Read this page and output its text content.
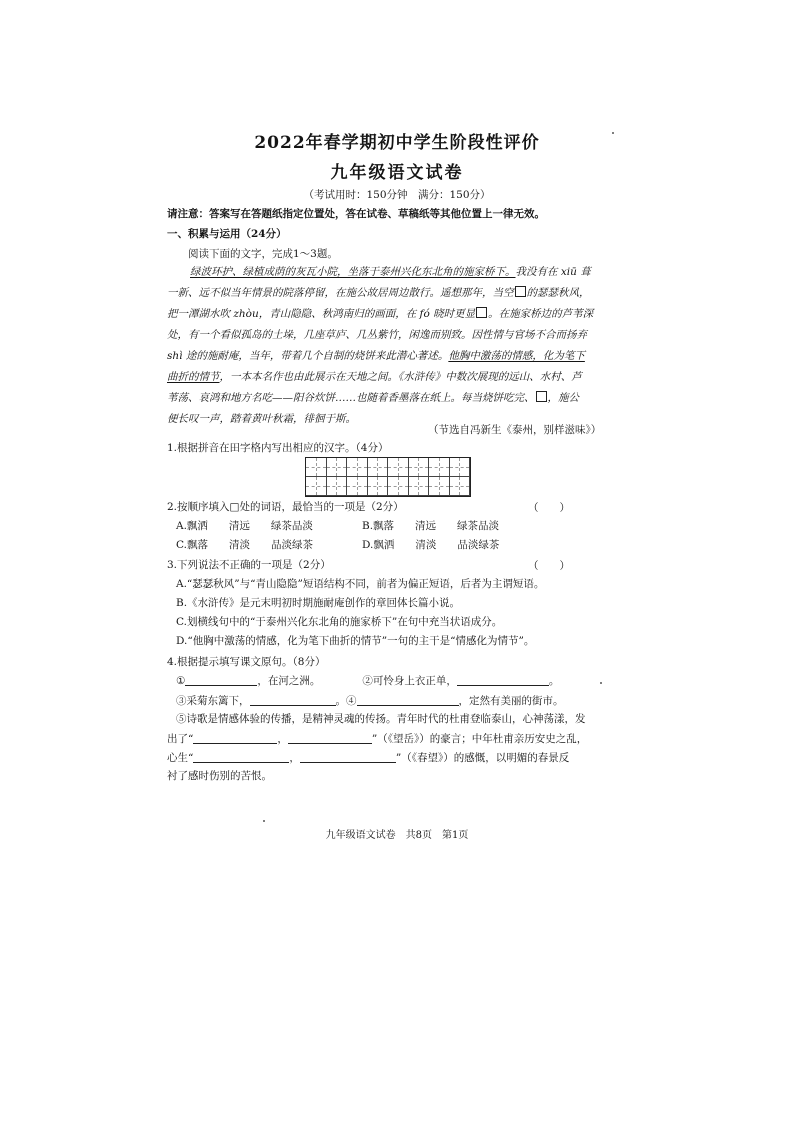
2022年春学期初中学生阶段性评价
九年级语文试卷
（考试用时：150分钟　满分：150分）
请注意：答案写在答题纸指定位置处，答在试卷、草稿纸等其他位置上一律无效。
一、积累与运用（24分）
阅读下面的文字，完成1～3题。
绿波环护、绿植成荫的灰瓦小院，坐落于泰州兴化东北角的施家桥下。我没有在 xiū 葺
一新、远不似当年情景的院落停留，在施公故居周边散行。遥想那年，当空 的瑟瑟秋风，
把一潭湖水吹 zhòu，青山隐隐、秋鸿南归的画面，在 fó 晓时更显 。在施家桥边的芦苇深
处，有一个看似孤岛的土垛，几座草庐、几丛紫竹，闲逸而别致。因性情与官场不合而扬弃
shì 途的施耐庵，当年，带着几个自制的烧饼来此潜心著述。他胸中激荡的情感，化为笔下
曲折的情节，一本本名作也由此展示在天地之间。《水浒传》中数次展现的远山、水村、芦
苇荡、哀鸿和地方名吃——阳谷炊饼……也随着香墨落在纸上。每当烧饼吃完、 ，施公
便长叹一声，踏着黄叶秋霜，徘徊于斯。
（节选自冯新生《泰州，别样滋味》）
1.根据拼音在田字格内写出相应的汉字。（4分）
2.按顺序填入□处的词语，最恰当的一项是（2分）	（　　）
A.飘洒　　清远　　绿茶品淡	B.飘落　　清远　　绿茶品淡
C.飘落　　清淡　　品淡绿茶	D.飘洒　　清淡　　品淡绿茶
3.下列说法不正确的一项是（2分）	（　　）
A.“瑟瑟秋风”与“青山隐隐”短语结构不同，前者为偏正短语，后者为主谓短语。
B.《水浒传》是元末明初时期施耐庵创作的章回体长篇小说。
C.划横线句中的“于泰州兴化东北角的施家桥下”在句中充当状语成分。
D.“他胸中激荡的情感，化为笔下曲折的情节”一句的主干是“情感化为情节”。
4.根据提示填写课文原句。（8分）
①	，在河之洲。	②可怜身上衣正单，	。
③采菊东篱下，	。④	，定然有美丽的街市。
⑤诗歌是情感体验的传播，是精神灵魂的传扬。青年时代的杜甫登临泰山，心神荡漾，发
出了“	，	”（《望岳》）的豪言；中年杜甫亲历安史之乱，
心生“	，	”（《春望》）的感慨，以明媚的春景反
衬了感时伤别的苦恨。
九年级语文试卷　共8页　第1页
